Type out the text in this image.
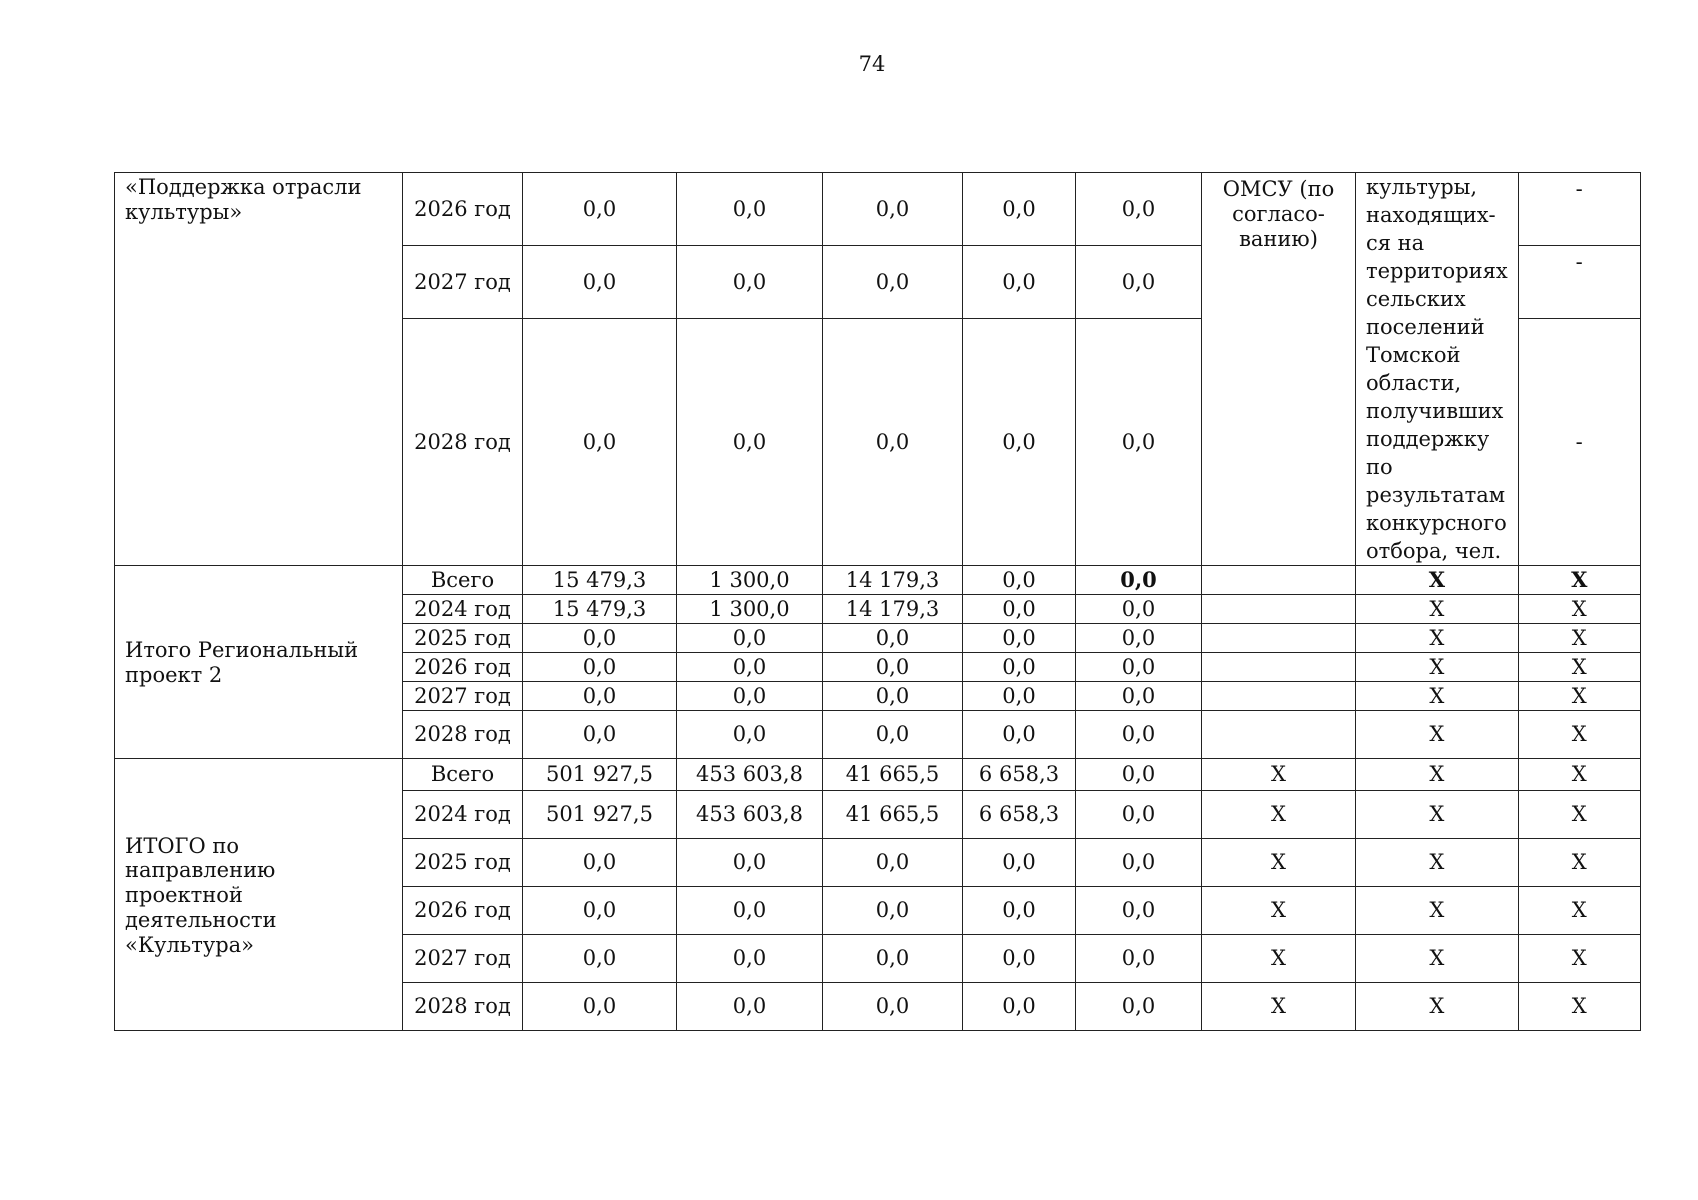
74
«Поддержка отрасли культуры»	2026 год	0,0	0,0	0,0	0,0	0,0	ОМСУ (по согласо-ванию)	культуры, находящих-ся на территориях сельских поселений Томской области, получивших поддержку по результатам конкурсного отбора, чел.	-
	2027 год	0,0	0,0	0,0	0,0	0,0			-
	2028 год	0,0	0,0	0,0	0,0	0,0			-
Итого Региональный проект 2	Всего	15 479,3	1 300,0	14 179,3	0,0	0,0		Х	Х
	2024 год	15 479,3	1 300,0	14 179,3	0,0	0,0		Х	Х
	2025 год	0,0	0,0	0,0	0,0	0,0		Х	Х
	2026 год	0,0	0,0	0,0	0,0	0,0		Х	Х
	2027 год	0,0	0,0	0,0	0,0	0,0		Х	Х
	2028 год	0,0	0,0	0,0	0,0	0,0		Х	Х
ИТОГО по направлению проектной деятельности «Культура»	Всего	501 927,5	453 603,8	41 665,5	6 658,3	0,0	Х	Х	Х
	2024 год	501 927,5	453 603,8	41 665,5	6 658,3	0,0	Х	Х	Х
	2025 год	0,0	0,0	0,0	0,0	0,0	Х	Х	Х
	2026 год	0,0	0,0	0,0	0,0	0,0	Х	Х	Х
	2027 год	0,0	0,0	0,0	0,0	0,0	Х	Х	Х
	2028 год	0,0	0,0	0,0	0,0	0,0	Х	Х	Х
